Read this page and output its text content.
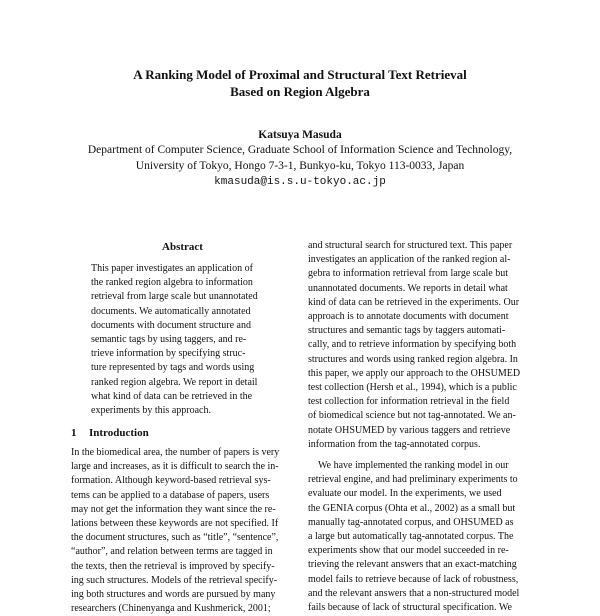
A Ranking Model of Proximal and Structural Text Retrieval
Based on Region Algebra
Katsuya Masuda
Department of Computer Science, Graduate School of Information Science and Technology,
University of Tokyo, Hongo 7-3-1, Bunkyo-ku, Tokyo 113-0033, Japan
kmasuda@is.s.u-tokyo.ac.jp
Abstract
This paper investigates an application of
the ranked region algebra to information
retrieval from large scale but unannotated
documents. We automatically annotated
documents with document structure and
semantic tags by using taggers, and re-
trieve information by specifying struc-
ture represented by tags and words using
ranked region algebra. We report in detail
what kind of data can be retrieved in the
experiments by this approach.
1 Introduction
In the biomedical area, the number of papers is very
large and increases, as it is difficult to search the in-
formation. Although keyword-based retrieval sys-
tems can be applied to a database of papers, users
may not get the information they want since the re-
lations between these keywords are not specified. If
the document structures, such as “title”, “sentence”,
“author”, and relation between terms are tagged in
the texts, then the retrieval is improved by specify-
ing such structures. Models of the retrieval specify-
ing both structures and words are pursued by many
researchers (Chinenyanga and Kushmerick, 2001;
and structural search for structured text. This paper
investigates an application of the ranked region al-
gebra to information retrieval from large scale but
unannotated documents. We reports in detail what
kind of data can be retrieved in the experiments. Our
approach is to annotate documents with document
structures and semantic tags by taggers automati-
cally, and to retrieve information by specifying both
structures and words using ranked region algebra. In
this paper, we apply our approach to the OHSUMED
test collection (Hersh et al., 1994), which is a public
test collection for information retrieval in the field
of biomedical science but not tag-annotated. We an-
notate OHSUMED by various taggers and retrieve
information from the tag-annotated corpus.
We have implemented the ranking model in our
retrieval engine, and had preliminary experiments to
evaluate our model. In the experiments, we used
the GENIA corpus (Ohta et al., 2002) as a small but
manually tag-annotated corpus, and OHSUMED as
a large but automatically tag-annotated corpus. The
experiments show that our model succeeded in re-
trieving the relevant answers that an exact-matching
model fails to retrieve because of lack of robustness,
and the relevant answers that a non-structured model
fails because of lack of structural specification. We
